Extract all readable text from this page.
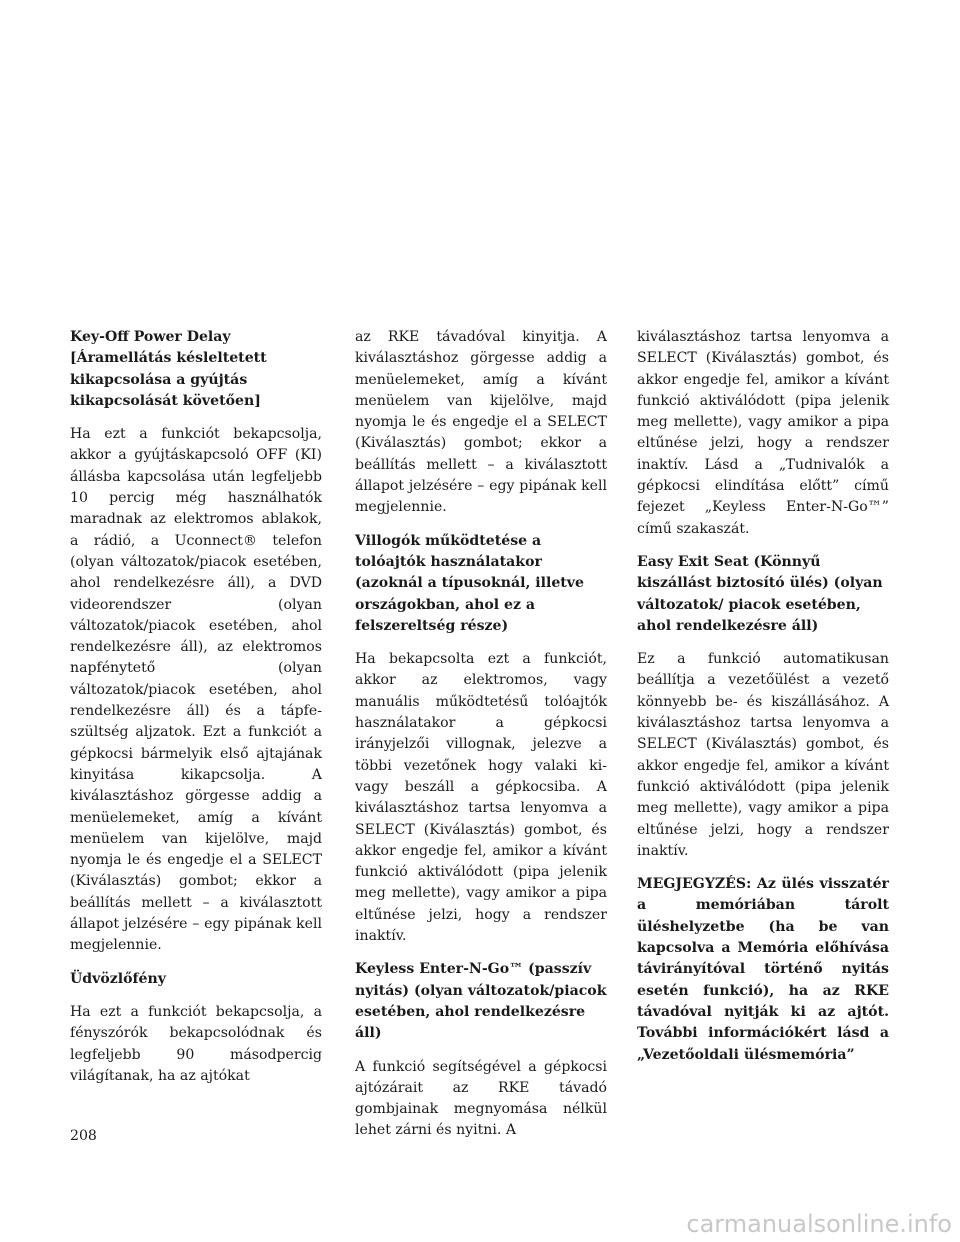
Key-Off Power Delay [Áramellátás késleltetett kikapcsolása a gyújtás kikapcsolását követően]

Ha ezt a funkciót bekapcsolja, akkor a gyújtáskapcsoló OFF (KI) állásba kapcsolása után legfeljebb 10 percig még használhatók maradnak az elektromos ablakok, a rádió, a Uconnect® telefon (olyan változatok/piacok esetében, ahol rendelkezésre áll), a DVD videorendszer (olyan változatok/piacok esetében, ahol rendelkezésre áll), az elektromos napfénytető (olyan változatok/piacok esetében, ahol rendelkezésre áll) és a tápfeszültség aljzatok. Ezt a funkciót a gépkocsi bármelyik első ajtajának kinyitása kikapcsolja. A kiválasztáshoz görgesse addig a menüelemeket, amíg a kívánt menüelem van kijelölve, majd nyomja le és engedje el a SELECT (Kiválasztás) gombot; ekkor a beállítás mellett – a kiválasztott állapot jelzésére – egy pipának kell megjelennie.

Üdvözlőfény

Ha ezt a funkciót bekapcsolja, a fényszórók bekapcsolódnak és legfeljebb 90 másodpercig világítanak, ha az ajtókat

az RKE távadóval kinyitja. A kiválasztáshoz görgesse addig a menüelemeket, amíg a kívánt menüelem van kijelölve, majd nyomja le és engedje el a SELECT (Kiválasztás) gombot; ekkor a beállítás mellett – a kiválasztott állapot jelzésére – egy pipának kell megjelennie.

Villogók működtetése a tolóajtók használatakor (azoknál a típusoknál, illetve országokban, ahol ez a felszereltség része)

Ha bekapcsolta ezt a funkciót, akkor az elektromos, vagy manuális működtetésű tolóajtók használatakor a gépkocsi irányjelzői villognak, jelezve a többi vezetőnek hogy valaki ki-vagy beszáll a gépkocsiba. A kiválasztáshoz tartsa lenyomva a SELECT (Kiválasztás) gombot, és akkor engedje fel, amikor a kívánt funkció aktiválódott (pipa jelenik meg mellette), vagy amikor a pipa eltűnése jelzi, hogy a rendszer inaktív.

Keyless Enter-N-Go™ (passzív nyitás) (olyan változatok/piacok esetében, ahol rendelkezésre áll)

A funkció segítségével a gépkocsi ajtózárait az RKE távadó gombjainak megnyomása nélkül lehet zárni és nyitni. A

kiválasztáshoz tartsa lenyomva a SELECT (Kiválasztás) gombot, és akkor engedje fel, amikor a kívánt funkció aktiválódott (pipa jelenik meg mellette), vagy amikor a pipa eltűnése jelzi, hogy a rendszer inaktív. Lásd a „Tudnivalók a gépkocsi elindítása előtt” című fejezet „Keyless Enter-N-Go™” című szakaszát.

Easy Exit Seat (Könnyű kiszállást biztosító ülés) (olyan változatok/ piacok esetében, ahol rendelkezésre áll)

Ez a funkció automatikusan beállítja a vezetőülést a vezető könnyebb be- és kiszállásához. A kiválasztáshoz tartsa lenyomva a SELECT (Kiválasztás) gombot, és akkor engedje fel, amikor a kívánt funkció aktiválódott (pipa jelenik meg mellette), vagy amikor a pipa eltűnése jelzi, hogy a rendszer inaktív.

MEGJEGYZÉS: Az ülés visszatér a memóriában tárolt üléshelyzetbe (ha be van kapcsolva a Memória előhívása távirányítóval történő nyitás esetén funkció), ha az RKE távadóval nyitják ki az ajtót. További információkért lásd a „Vezetőoldali ülésmemória”

208
carmanualsonline.info
